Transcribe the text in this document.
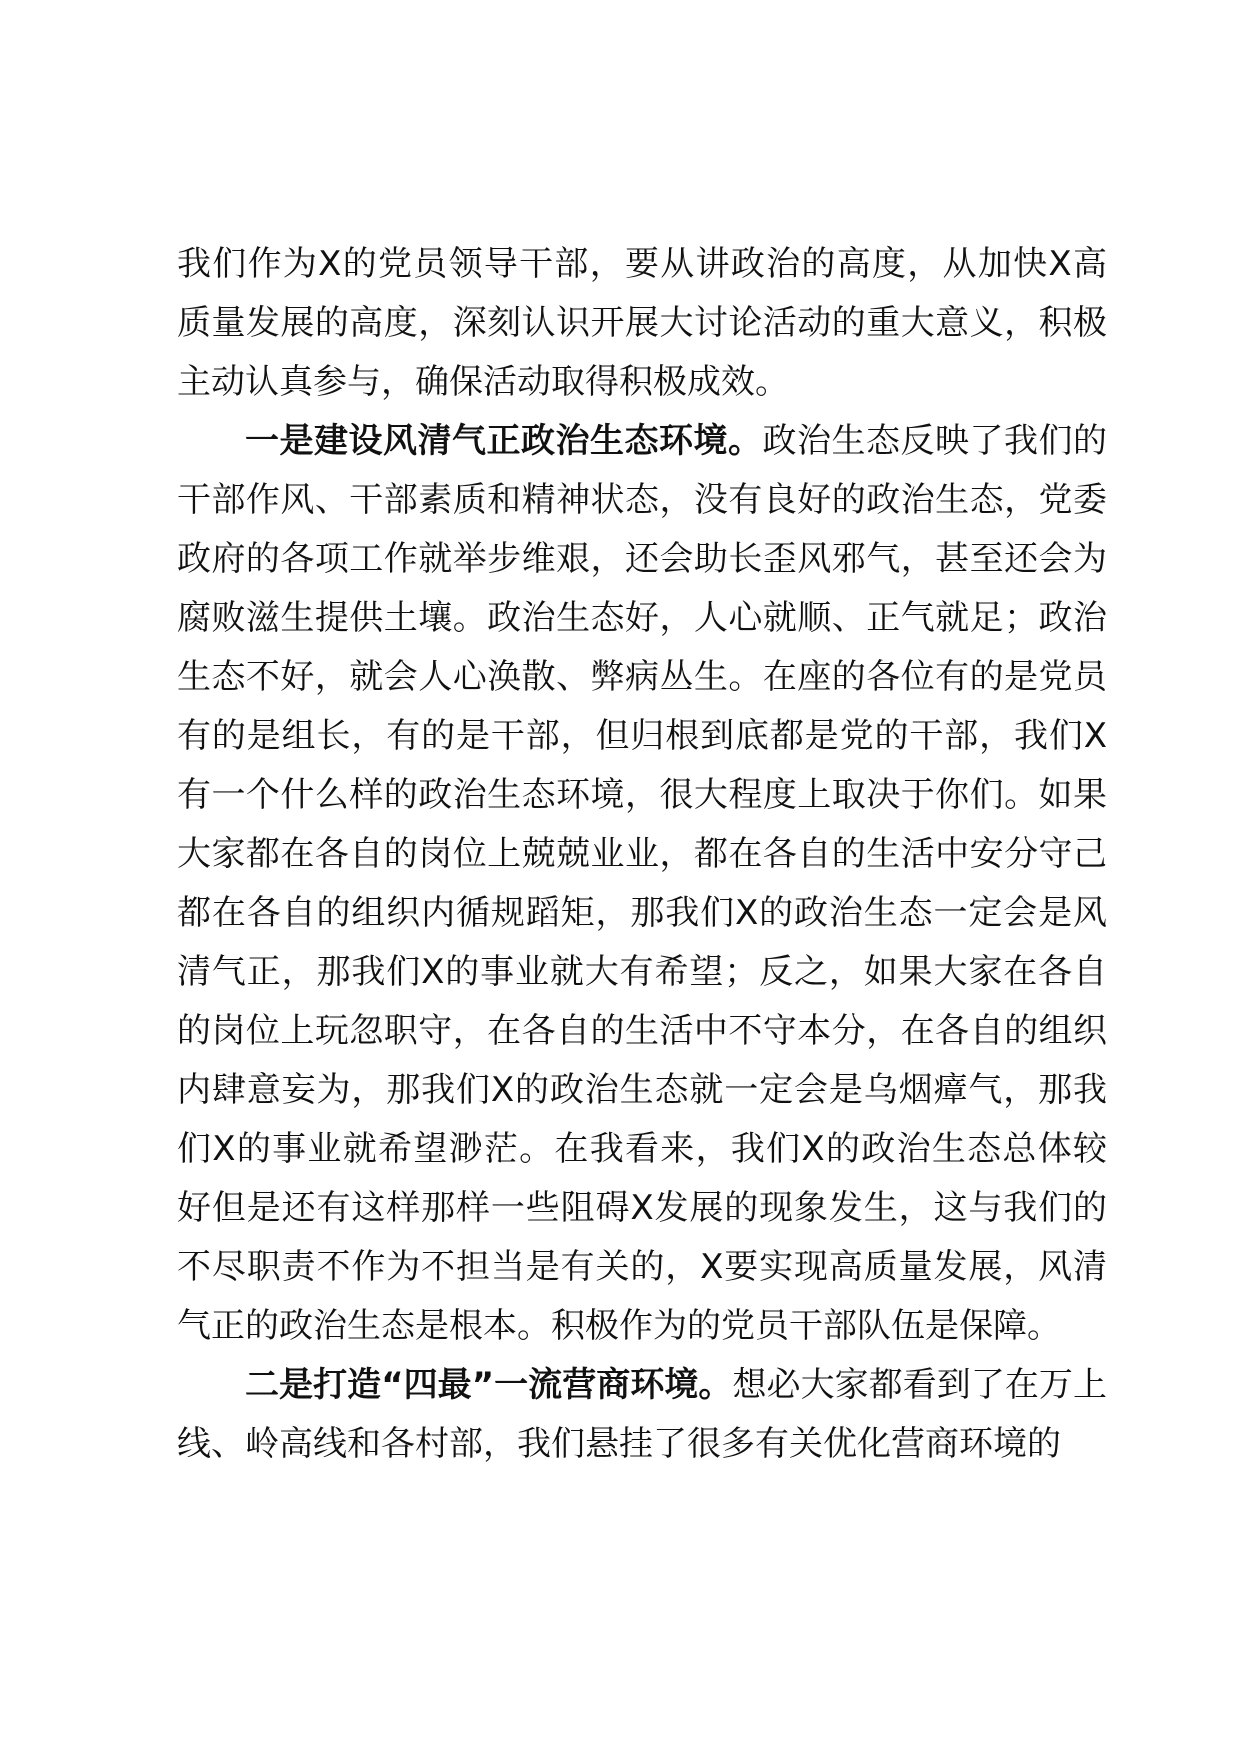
我们作为X的党员领导干部，要从讲政治的高度，从加快X高质量发展的高度，深刻认识开展大讨论活动的重大意义，积极主动认真参与，确保活动取得积极成效。

一是建设风清气正政治生态环境。政治生态反映了我们的干部作风、干部素质和精神状态，没有良好的政治生态，党委政府的各项工作就举步维艰，还会助长歪风邪气，甚至还会为腐败滋生提供土壤。政治生态好，人心就顺、正气就足；政治生态不好，就会人心涣散、弊病丛生。在座的各位有的是党员有的是组长，有的是干部，但归根到底都是党的干部，我们X有一个什么样的政治生态环境，很大程度上取决于你们。如果大家都在各自的岗位上兢兢业业，都在各自的生活中安分守己都在各自的组织内循规蹈矩，那我们X的政治生态一定会是风清气正，那我们X的事业就大有希望；反之，如果大家在各自的岗位上玩忽职守，在各自的生活中不守本分，在各自的组织内肆意妄为，那我们X的政治生态就一定会是乌烟瘴气，那我们X的事业就希望渺茫。在我看来，我们X的政治生态总体较好但是还有这样那样一些阻碍X发展的现象发生，这与我们的不尽职责不作为不担当是有关的，X要实现高质量发展，风清气正的政治生态是根本。积极作为的党员干部队伍是保障。

二是打造“四最”一流营商环境。想必大家都看到了在万上线、岭高线和各村部，我们悬挂了很多有关优化营商环境的
